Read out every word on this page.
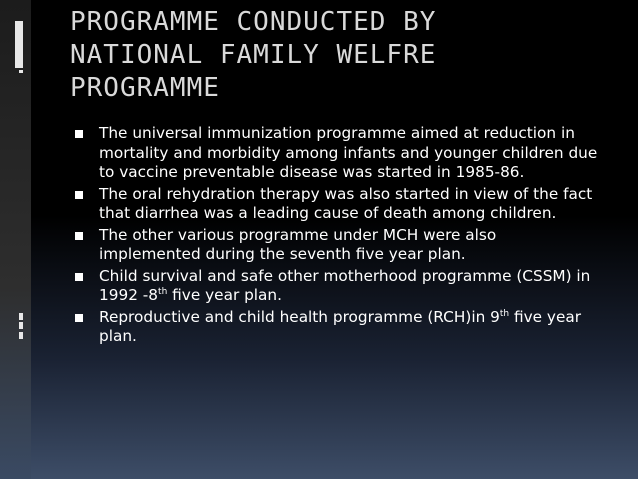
PROGRAMME CONDUCTED BY
NATIONAL FAMILY WELFRE
PROGRAMME
The universal immunization programme aimed at reduction in mortality and morbidity among infants and younger children due to vaccine preventable disease was started in 1985-86.
The oral rehydration therapy was also started in view of the fact that diarrhea was a leading cause of death among children.
The other various programme under MCH were also implemented during the seventh five year plan.
Child survival and safe other motherhood programme (CSSM) in 1992 -8th five year plan.
Reproductive and child health programme (RCH)in 9th five year plan.
